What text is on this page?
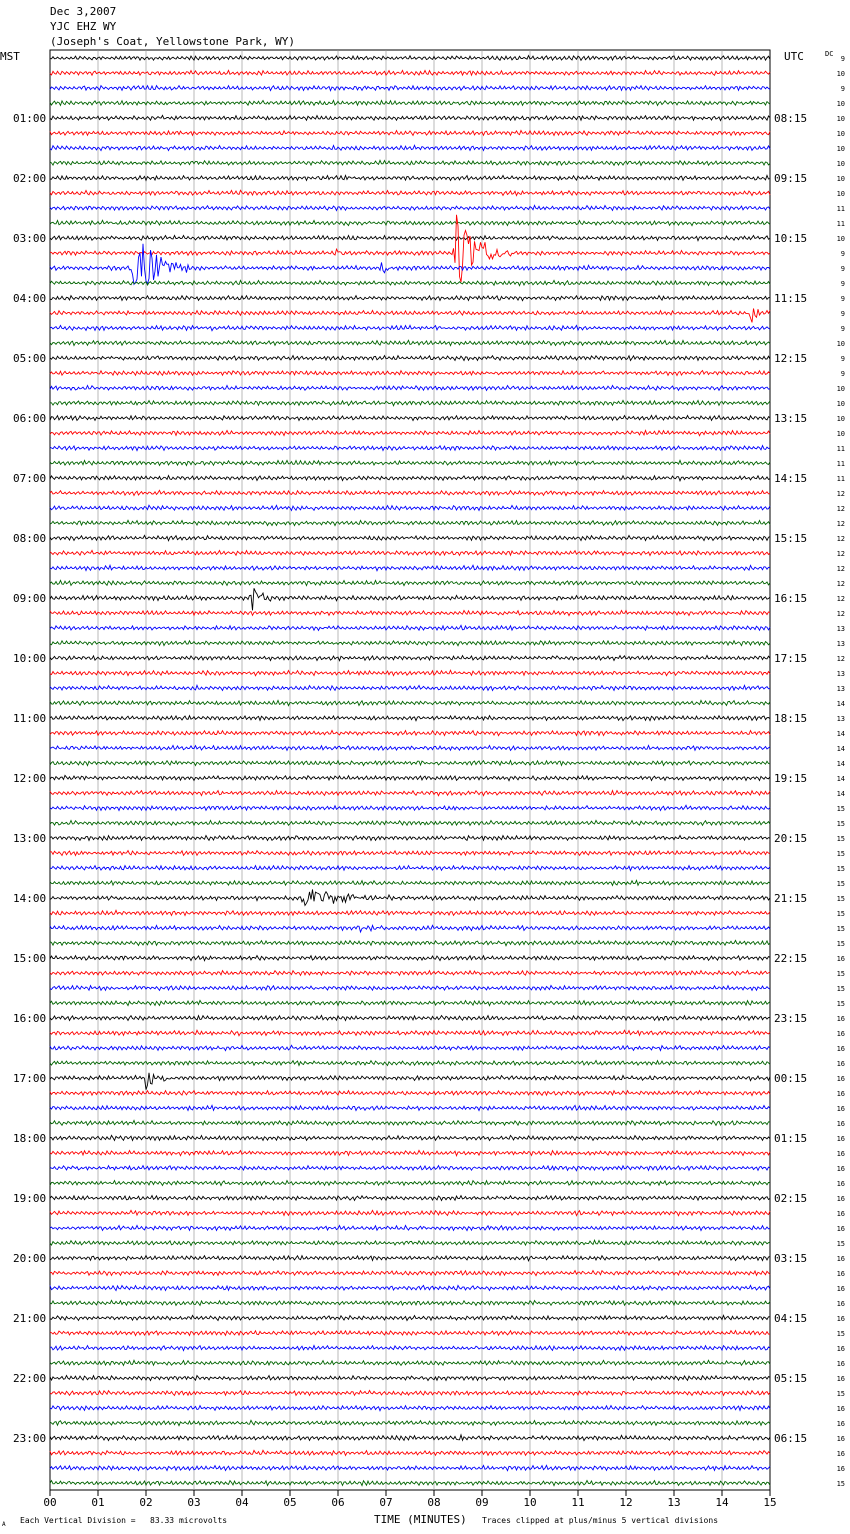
Dec 3,2007
YJC EHZ WY
(Joseph's Coat, Yellowstone Park, WY)
MST	UTC	DC
01:00
02:00
03:00
04:00
05:00
06:00
07:00
08:00
09:00
10:00
11:00
12:00
13:00
14:00
15:00
16:00
17:00
18:00
19:00
20:00
21:00
22:00
23:00
08:15
09:15
10:15
11:15
12:15
13:15
14:15
15:15
16:15
17:15
18:15
19:15
20:15
21:15
22:15
23:15
00:15
01:15
02:15
03:15
04:15
05:15
06:15
9
10
9
10
10
10
10
10
10
10
11
11
10
9
9
9
9
9
9
10
9
9
10
10
10
10
11
11
11
12
12
12
12
12
12
12
12
12
13
13
12
13
13
14
13
14
14
14
14
14
15
15
15
15
15
15
15
15
15
15
16
15
15
15
16
16
16
16
16
16
16
16
16
16
16
16
16
16
16
15
16
16
16
16
16
15
16
16
16
15
16
16
16
16
16
15
00	01	02	03	04	05	06	07	08	09	10	11	12	13	14	15
A Each Vertical Division =   83.33 microvolts	TIME (MINUTES) Traces clipped at plus/minus 5 vertical divisions
